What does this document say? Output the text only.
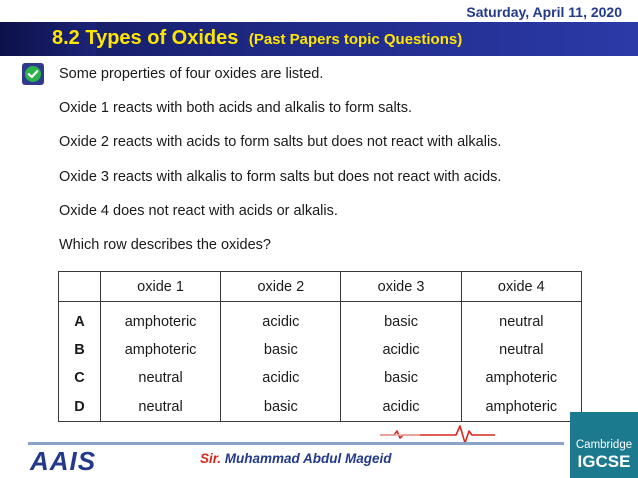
Saturday, April 11, 2020
8.2 Types of Oxides (Past Papers topic Questions)
Some properties of four oxides are listed.
Oxide 1 reacts with both acids and alkalis to form salts.
Oxide 2 reacts with acids to form salts but does not react with alkalis.
Oxide 3 reacts with alkalis to form salts but does not react with acids.
Oxide 4 does not react with acids or alkalis.
Which row describes the oxides?
	oxide 1	oxide 2	oxide 3	oxide 4
A	amphoteric	acidic	basic	neutral
B	amphoteric	basic	acidic	neutral
C	neutral	acidic	basic	amphoteric
D	neutral	basic	acidic	amphoteric
AAIS	Sir. Muhammad Abdul Mageid
Cambridge
IGCSE
